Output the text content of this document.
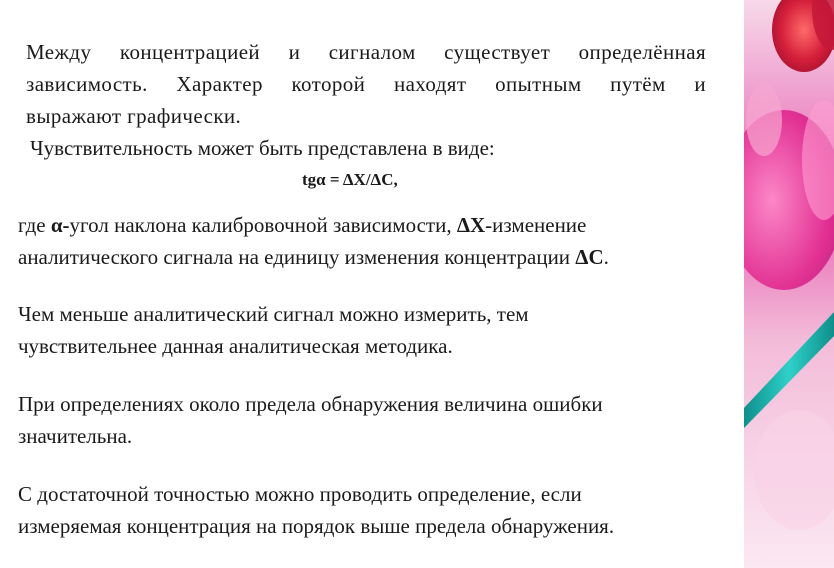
Между концентрацией и сигналом существует определённая
зависимость. Характер которой находят опытным путём и
выражают графически.

Чувствительность может быть представлена в виде:

tgα = ΔX/ΔC,

где α-угол наклона калибровочной зависимости, ΔX-изменение
аналитического сигнала на единицу изменения концентрации ΔC.
Чем меньше аналитический сигнал можно измерить, тем
чувствительнее данная аналитическая методика.
При определениях около предела обнаружения величина ошибки
значительна.
С достаточной точностью можно проводить определение, если
измеряемая концентрация на порядок выше предела обнаружения.
